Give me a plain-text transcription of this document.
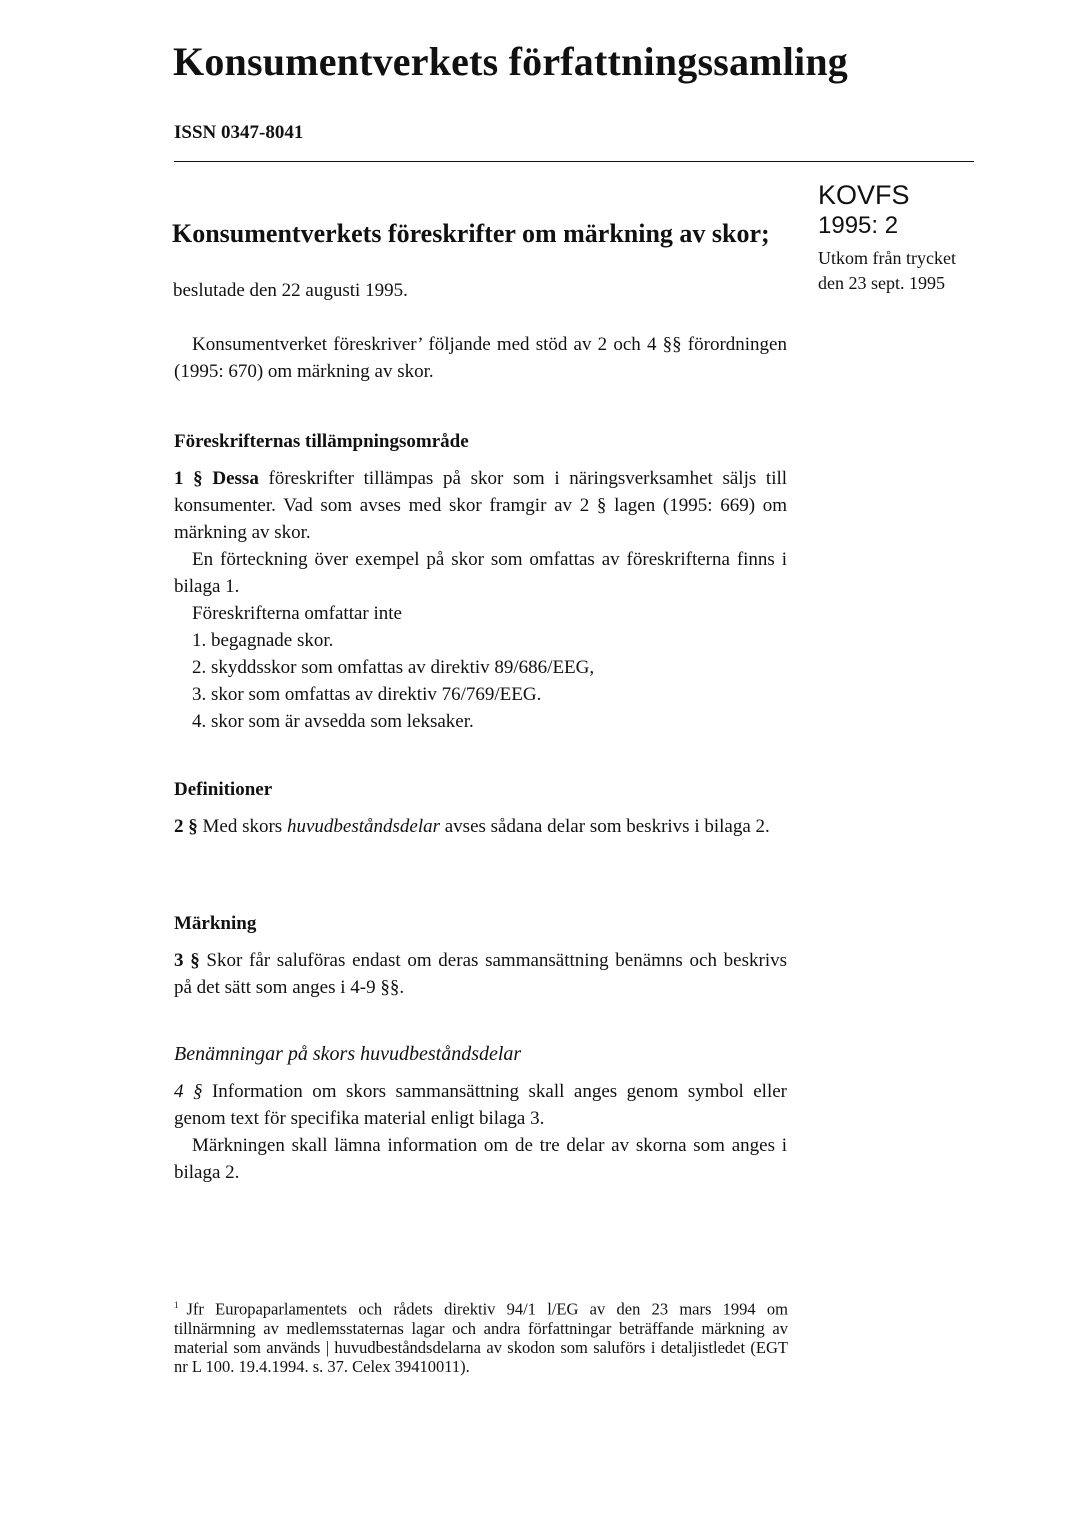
Konsumentverkets författningssamling
ISSN 0347-8041
Konsumentverkets föreskrifter om märkning av skor;
beslutade den 22 augusti 1995.
KOVFS
1995: 2
Utkom från trycket
den 23 sept. 1995

Konsumentverket föreskriver’ följande med stöd av 2 och 4 §§ förordningen (1995: 670) om märkning av skor.

Föreskrifternas tillämpningsområde

1 § Dessa föreskrifter tillämpas på skor som i näringsverksamhet säljs till konsumenter. Vad som avses med skor framgir av 2 § lagen (1995: 669) om märkning av skor.

En förteckning över exempel på skor som omfattas av föreskrifterna finns i bilaga 1.

Föreskrifterna omfattar inte

1. begagnade skor.
2. skyddsskor som omfattas av direktiv 89/686/EEG,
3. skor som omfattas av direktiv 76/769/EEG.
4. skor som är avsedda som leksaker.

Definitioner

2 § Med skors huvudbeståndsdelar avses sådana delar som beskrivs i bilaga 2.

Märkning

3 § Skor får saluföras endast om deras sammansättning benämns och beskrivs på det sätt som anges i 4-9 §§.

Benämningar på skors huvudbeståndsdelar

4 § Information om skors sammansättning skall anges genom symbol eller genom text för specifika material enligt bilaga 3.

Märkningen skall lämna information om de tre delar av skorna som anges i bilaga 2.

$^1$ Jfr Europaparlamentets och rådets direktiv 94/1 l/EG av den 23 mars 1994 om tillnärmning av medlemsstaternas lagar och andra författningar beträffande märkning av material som används | huvudbeståndsdelarna av skodon som saluförs i detaljistledet (EGT nr L 100. 19.4.1994. s. 37. Celex 39410011).
